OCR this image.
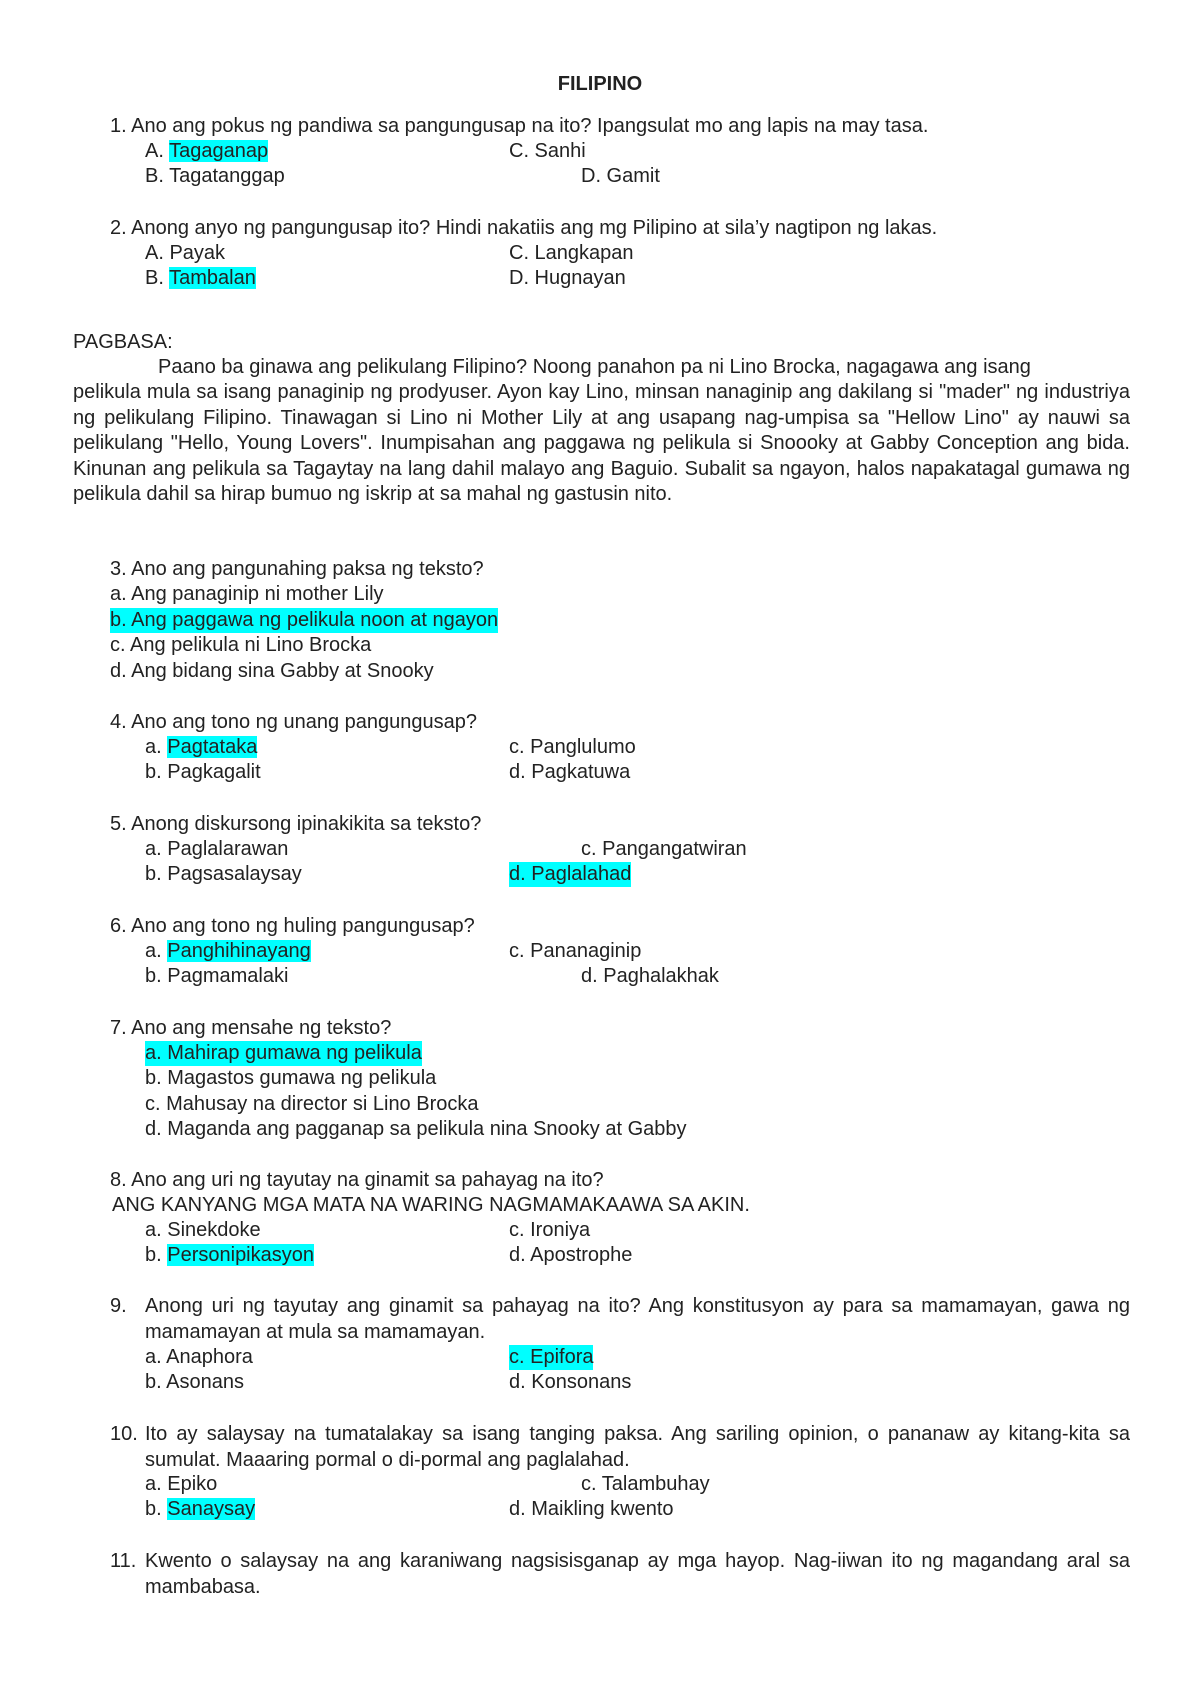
FILIPINO
1. Ano ang pokus ng pandiwa sa pangungusap na ito? Ipangsulat mo ang lapis na may tasa.
A. Tagaganap	C. Sanhi
B. Tagatanggap	D. Gamit
2. Anong anyo ng pangungusap ito? Hindi nakatiis ang mg Pilipino at sila’y nagtipon ng lakas.
A. Payak	C. Langkapan
B. Tambalan	D. Hugnayan
PAGBASA:
Paano ba ginawa ang pelikulang Filipino? Noong panahon pa ni Lino Brocka, nagagawa ang isang
pelikula mula sa isang panaginip ng prodyuser. Ayon kay Lino, minsan nanaginip ang dakilang si "mader" ng industriya ng pelikulang Filipino. Tinawagan si Lino ni Mother Lily at ang usapang nag-umpisa sa "Hellow Lino" ay nauwi sa pelikulang "Hello, Young Lovers". Inumpisahan ang paggawa ng pelikula si Snoooky at Gabby Conception ang bida. Kinunan ang pelikula sa Tagaytay na lang dahil malayo ang Baguio. Subalit sa ngayon, halos napakatagal gumawa ng pelikula dahil sa hirap bumuo ng iskrip at sa mahal ng gastusin nito.
3. Ano ang pangunahing paksa ng teksto?
a. Ang panaginip ni mother Lily
b. Ang paggawa ng pelikula noon at ngayon
c. Ang pelikula ni Lino Brocka
d. Ang bidang sina Gabby at Snooky
4. Ano ang tono ng unang pangungusap?
a. Pagtataka	c. Panglulumo
b. Pagkagalit	d. Pagkatuwa
5. Anong diskursong ipinakikita sa teksto?
a. Paglalarawan	c. Pangangatwiran
b. Pagsasalaysay	d. Paglalahad
6. Ano ang tono ng huling pangungusap?
a. Panghihinayang	c. Pananaginip
b. Pagmamalaki	d. Paghalakhak
7. Ano ang mensahe ng teksto?
a. Mahirap gumawa ng pelikula
b. Magastos gumawa ng pelikula
c. Mahusay na director si Lino Brocka
d. Maganda ang pagganap sa pelikula nina Snooky at Gabby
8. Ano ang uri ng tayutay na ginamit sa pahayag na ito?
ANG KANYANG MGA MATA NA WARING NAGMAMAKAAWA SA AKIN.
a. Sinekdoke	c. Ironiya
b. Personipikasyon	d. Apostrophe
9. Anong uri ng tayutay ang ginamit sa pahayag na ito? Ang konstitusyon ay para sa mamamayan, gawa ng mamamayan at mula sa mamamayan.
a. Anaphora	c. Epifora
b. Asonans	d. Konsonans
10. Ito ay salaysay na tumatalakay sa isang tanging paksa. Ang sariling opinion, o pananaw ay kitang-kita sa sumulat. Maaaring pormal o di-pormal ang paglalahad.
a. Epiko	c. Talambuhay
b. Sanaysay	d. Maikling kwento
11. Kwento o salaysay na ang karaniwang nagsisisganap ay mga hayop. Nag-iiwan ito ng magandang aral sa mambabasa.
